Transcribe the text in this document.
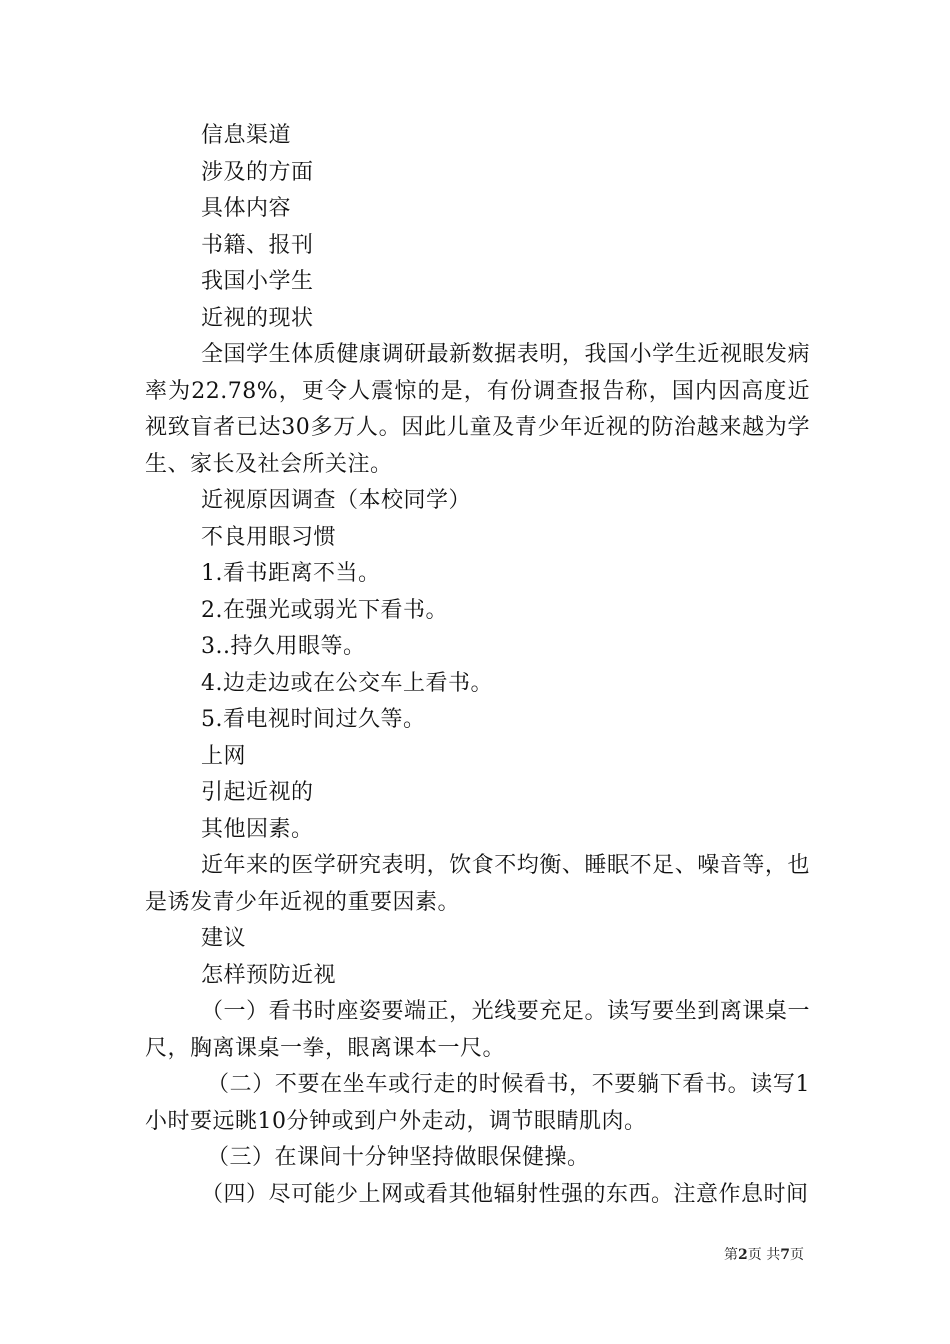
信息渠道
涉及的方面
具体内容
书籍、报刊
我国小学生
近视的现状

全国学生体质健康调研最新数据表明，我国小学生近视眼发病率为22.78%，更令人震惊的是，有份调查报告称，国内因高度近视致盲者已达30多万人。因此儿童及青少年近视的防治越来越为学生、家长及社会所关注。

近视原因调查（本校同学）
不良用眼习惯
1.看书距离不当。
2.在强光或弱光下看书。
3..持久用眼等。
4.边走边或在公交车上看书。
5.看电视时间过久等。
上网
引起近视的
其他因素。

近年来的医学研究表明，饮食不均衡、睡眠不足、噪音等，也是诱发青少年近视的重要因素。

建议
怎样预防近视

（一）看书时座姿要端正，光线要充足。读写要坐到离课桌一尺，胸离课桌一拳，眼离课本一尺。

（二）不要在坐车或行走的时候看书，不要躺下看书。读写1小时要远眺10分钟或到户外走动，调节眼睛肌肉。

（三）在课间十分钟坚持做眼保健操。

（四）尽可能少上网或看其他辐射性强的东西。注意作息时间

第2页 共7页
